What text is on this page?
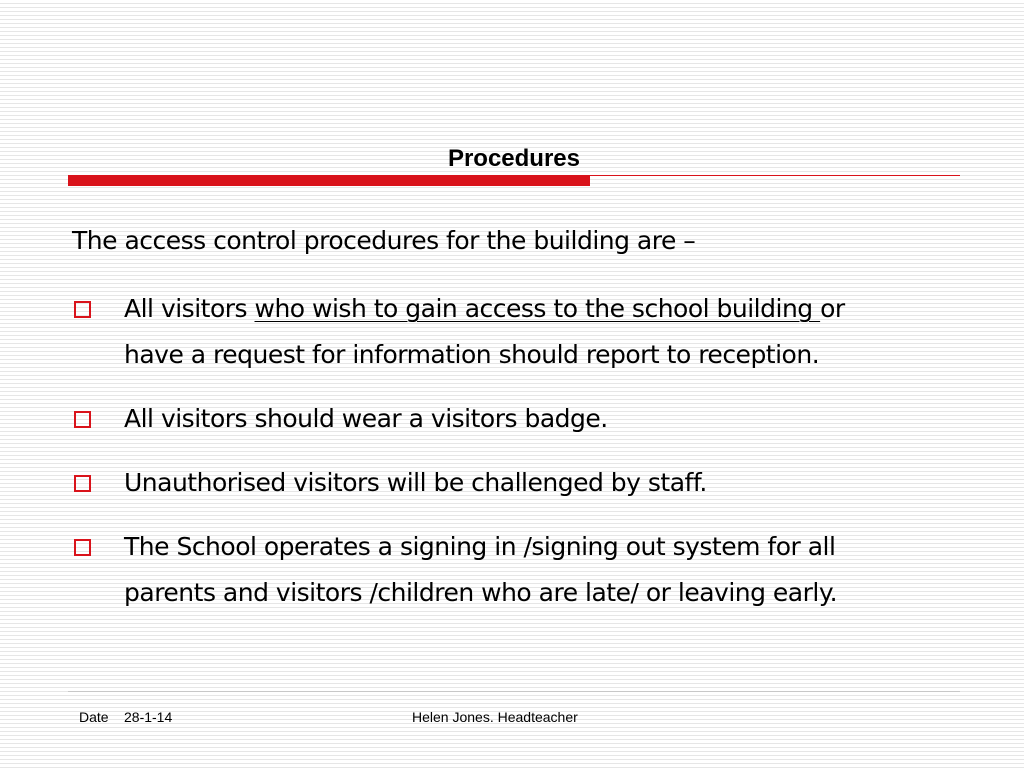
Procedures
The access control procedures for the building are –
All visitors who wish to gain access to the school building or
have a request for information should report to reception.
All visitors should wear a visitors badge.
Unauthorised visitors will be challenged by staff.
The School operates a signing in /signing out system for all
parents and visitors /children who are late/ or leaving early.
Date 28-1-14	Helen Jones. Headteacher
